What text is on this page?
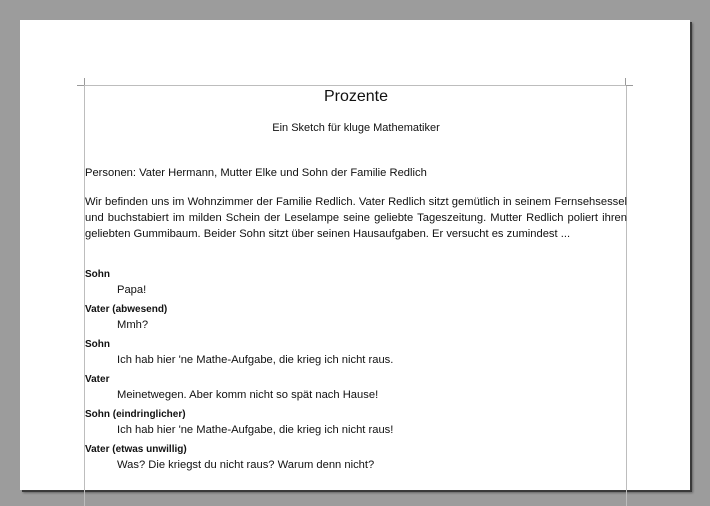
Prozente
Ein Sketch für kluge Mathematiker
Personen: Vater Hermann, Mutter Elke und Sohn der Familie Redlich
Wir befinden uns im Wohnzimmer der Familie Redlich. Vater Redlich sitzt gemütlich in seinem Fernsehsessel und buchstabiert im milden Schein der Leselampe seine geliebte Tageszeitung. Mutter Redlich poliert ihren geliebten Gummibaum. Beider Sohn sitzt über seinen Hausaufgaben. Er versucht es zumindest ...
Sohn
Papa!
Vater (abwesend)
Mmh?
Sohn
Ich hab hier 'ne Mathe-Aufgabe, die krieg ich nicht raus.
Vater
Meinetwegen. Aber komm nicht so spät nach Hause!
Sohn (eindringlicher)
Ich hab hier 'ne Mathe-Aufgabe, die krieg ich nicht raus!
Vater (etwas unwillig)
Was? Die kriegst du nicht raus? Warum denn nicht?
